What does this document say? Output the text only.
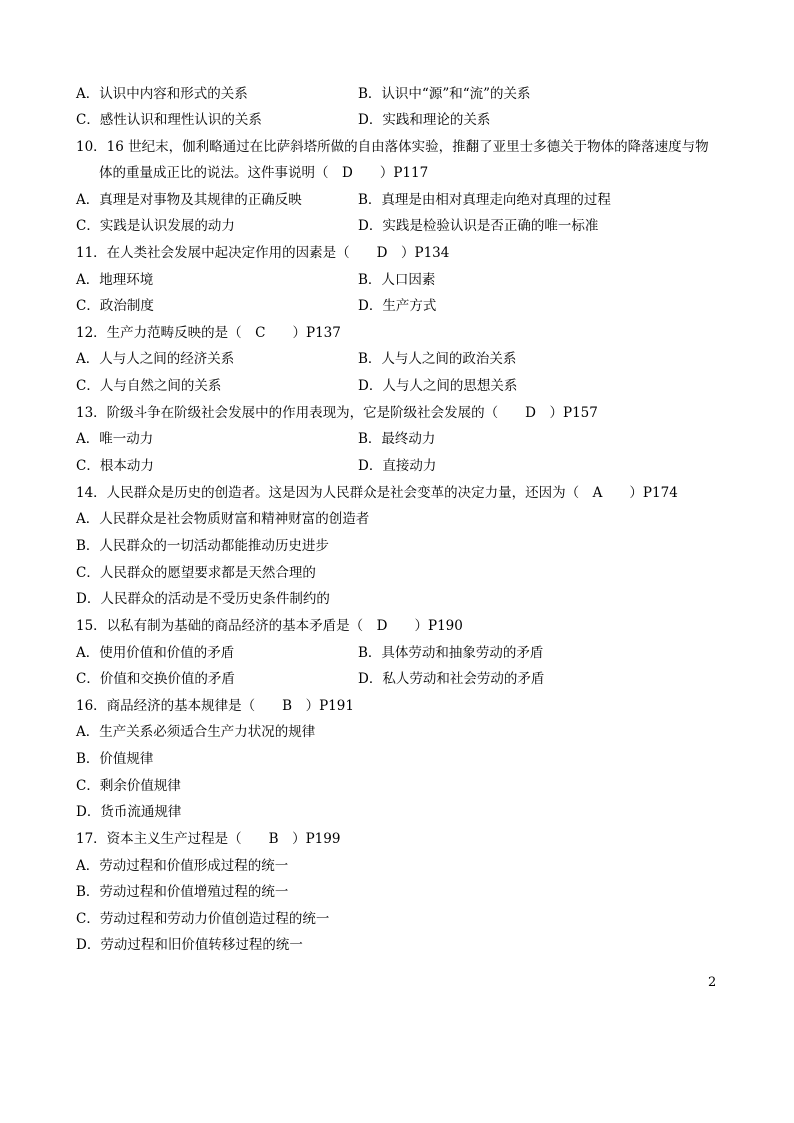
A．认识中内容和形式的关系	B．认识中“源”和“流”的关系
C．感性认识和理性认识的关系	D．实践和理论的关系
10．16 世纪末，伽利略通过在比萨斜塔所做的自由落体实验，推翻了亚里士多德关于物体的降落速度与物
体的重量成正比的说法。这件事说明（　D　　）P117
A．真理是对事物及其规律的正确反映	B．真理是由相对真理走向绝对真理的过程
C．实践是认识发展的动力	D．实践是检验认识是否正确的唯一标准
11．在人类社会发展中起决定作用的因素是（　　D　）P134
A．地理环境	B．人口因素
C．政治制度	D．生产方式
12．生产力范畴反映的是（　C　　）P137
A．人与人之间的经济关系	B．人与人之间的政治关系
C．人与自然之间的关系	D．人与人之间的思想关系
13．阶级斗争在阶级社会发展中的作用表现为，它是阶级社会发展的（　　D　）P157
A．唯一动力	B．最终动力
C．根本动力	D．直接动力
14．人民群众是历史的创造者。这是因为人民群众是社会变革的决定力量，还因为（　A　　）P174
A．人民群众是社会物质财富和精神财富的创造者
B．人民群众的一切活动都能推动历史进步
C．人民群众的愿望要求都是天然合理的
D．人民群众的活动是不受历史条件制约的
15．以私有制为基础的商品经济的基本矛盾是（　D　　）P190
A．使用价值和价值的矛盾	B．具体劳动和抽象劳动的矛盾
C．价值和交换价值的矛盾	D．私人劳动和社会劳动的矛盾
16．商品经济的基本规律是（　　B　）P191
A．生产关系必须适合生产力状况的规律
B．价值规律
C．剩余价值规律
D．货币流通规律
17．资本主义生产过程是（　　B　）P199
A．劳动过程和价值形成过程的统一
B．劳动过程和价值增殖过程的统一
C．劳动过程和劳动力价值创造过程的统一
D．劳动过程和旧价值转移过程的统一
2
